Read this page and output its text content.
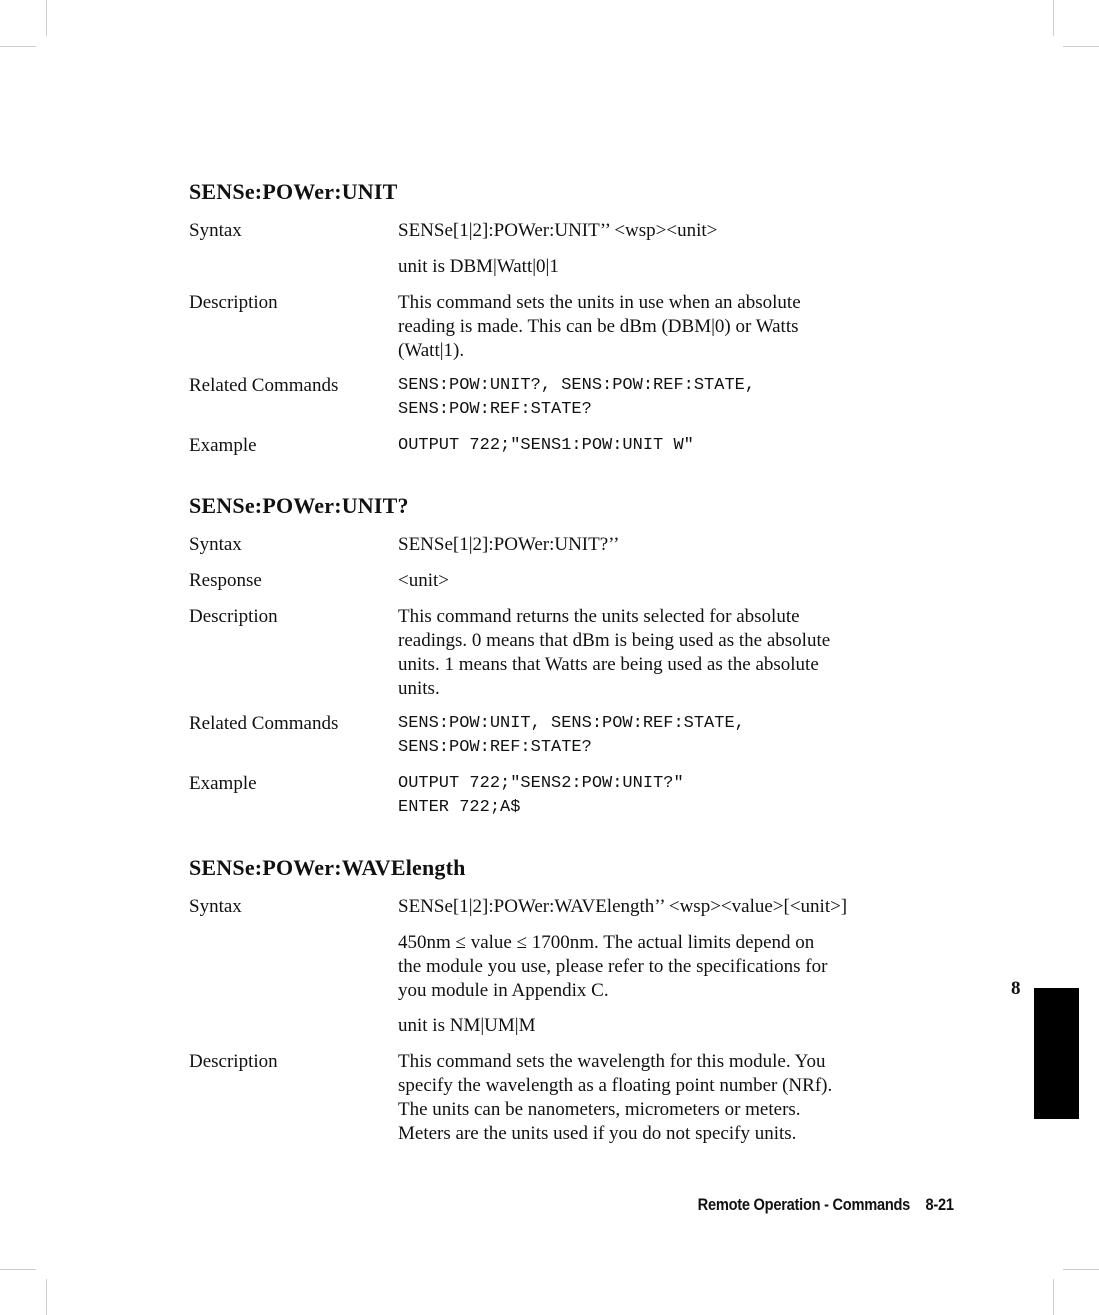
SENSe:POWer:UNIT
Syntax	SENSe[1|2]:POWer:UNIT’’ <wsp><unit>
unit is DBM|Watt|0|1
Description	This command sets the units in use when an absolute
reading is made. This can be dBm (DBM|0) or Watts
(Watt|1).
Related Commands	SENS:POW:UNIT?, SENS:POW:REF:STATE,
SENS:POW:REF:STATE?
Example	OUTPUT 722;"SENS1:POW:UNIT W"
SENSe:POWer:UNIT?
Syntax	SENSe[1|2]:POWer:UNIT?’’
Response	<unit>
Description	This command returns the units selected for absolute
readings. 0 means that dBm is being used as the absolute
units. 1 means that Watts are being used as the absolute
units.
Related Commands	SENS:POW:UNIT, SENS:POW:REF:STATE,
SENS:POW:REF:STATE?
Example	OUTPUT 722;"SENS2:POW:UNIT?"
ENTER 722;A$
SENSe:POWer:WAVElength
Syntax	SENSe[1|2]:POWer:WAVElength’’ <wsp><value>[<unit>]
450nm ≤ value ≤ 1700nm. The actual limits depend on
the module you use, please refer to the specifications for
you module in Appendix C.
unit is NM|UM|M
Description	This command sets the wavelength for this module. You
specify the wavelength as a floating point number (NRf).
The units can be nanometers, micrometers or meters.
Meters are the units used if you do not specify units.
8
Remote Operation - Commands 8-21
